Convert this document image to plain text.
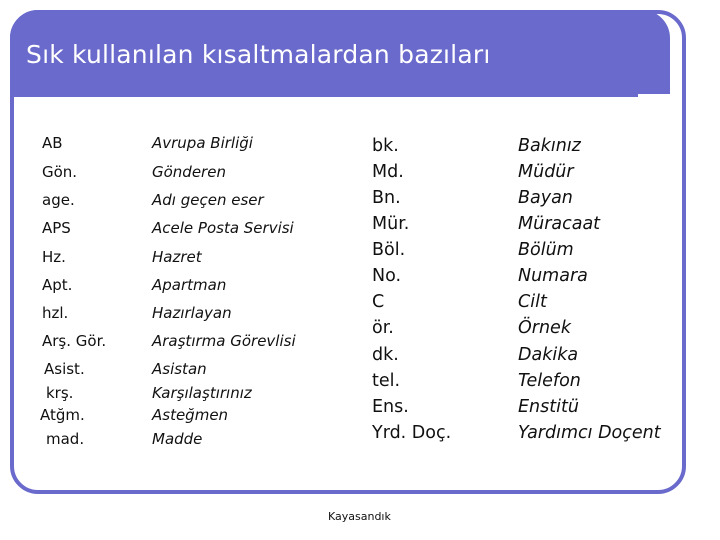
Sık kullanılan kısaltmalardan bazıları
AB	Avrupa Birliği
Gön.	Gönderen
age.	Adı geçen eser
APS	Acele Posta Servisi
Hz.	Hazret
Apt.	Apartman
hzl.	Hazırlayan
Arş. Gör.	Araştırma Görevlisi
Asist.	Asistan
krş.	Karşılaştırınız
Atğm.	Asteğmen
mad.	Madde
bk.	Bakınız
Md.	Müdür
Bn.	Bayan
Mür.	Müracaat
Böl.	Bölüm
No.	Numara
C	Cilt
ör.	Örnek
dk.	Dakika
tel.	Telefon
Ens.	Enstitü
Yrd. Doç.	Yardımcı Doçent
Kayasandık
